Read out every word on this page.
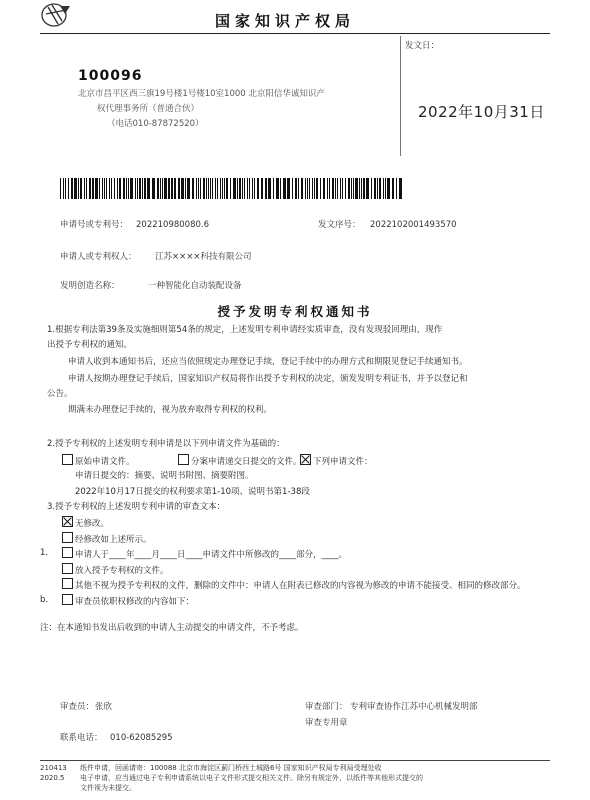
国家知识产权局
100096
北京市昌平区西三旗19号楼1号楼10室1000 北京阳信华诚知识产
权代理事务所（普通合伙）
（电话010-87872520）
发文日：
2022年10月31日
申请号或专利号： 202210980080.6	发文序号： 2022102001493570
申请人或专利权人： 江苏××××科技有限公司
发明创造名称：	一种智能化自动装配设备
授予发明专利权通知书
1.根据专利法第39条及实施细则第54条的规定，上述发明专利申请经实质审查，没有发现驳回理由，现作
出授予专利权的通知。
申请人收到本通知书后，还应当依照规定办理登记手续，登记手续中的办理方式和期限见登记手续通知书。
申请人按期办理登记手续后，国家知识产权局将作出授予专利权的决定，颁发发明专利证书，并予以登记和
公告。
期满未办理登记手续的，视为放弃取得专利权的权利。
2.授予专利权的上述发明专利申请是以下列申请文件为基础的：
原始申请文件。	分案申请递交日提交的文件。	下列申请文件：
申请日提交的：摘要、说明书附图、摘要附图。
2022年10月17日提交的权利要求第1-10项、说明书第1-38段
3.授予专利权的上述发明专利申请的审查文本：
无修改。
经修改如上述所示。
1.	申请人于____年____月____日____申请文件中所修改的____部分，____。
放入授予专利权的文件。
其他不视为授予专利权的文件，删除的文件中：申请人在附表已修改的内容视为修改的申请不能接受、相同的修改部分。
b.	审查员依职权修改的内容如下：
注：在本通知书发出后收到的申请人主动提交的申请文件，不予考虑。
审查员： 张欣	审查部门： 专利审查协作江苏中心机械发明部
审查专用章
联系电话： 010-62085295
210413
2020.5
纸件申请，回函请寄：100088 北京市海淀区蓟门桥西土城路6号 国家知识产权局专利局受理处收
电子申请，应当通过电子专利申请系统以电子文件形式提交相关文件。除另有规定外，以纸件等其他形式提交的
文件视为未提交。
